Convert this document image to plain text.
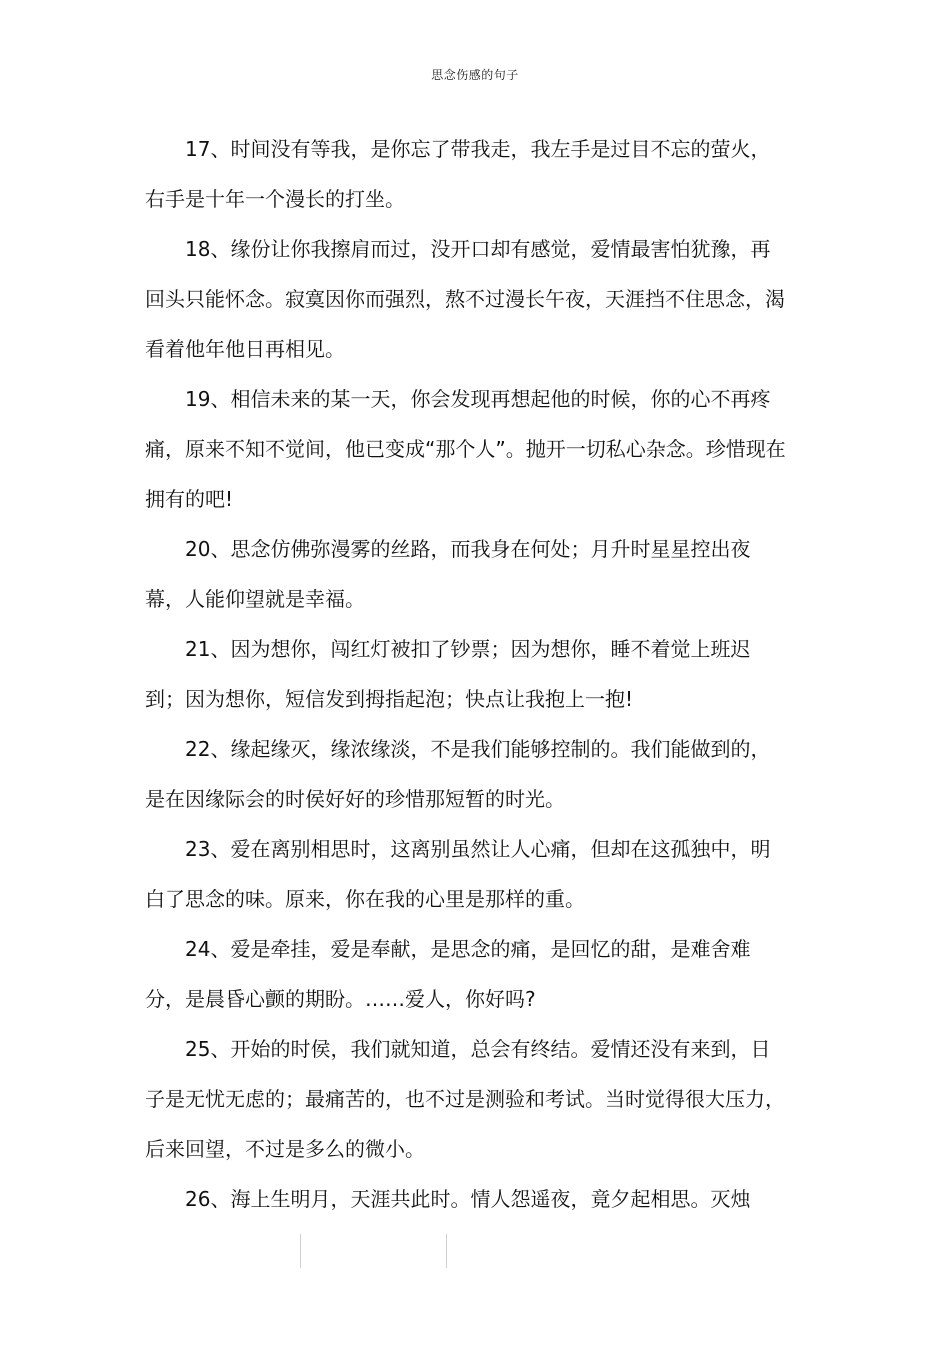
思念伤感的句子

17、时间没有等我，是你忘了带我走，我左手是过目不忘的萤火，右手是十年一个漫长的打坐。

18、缘份让你我擦肩而过，没开口却有感觉，爱情最害怕犹豫，再回头只能怀念。寂寞因你而强烈，熬不过漫长午夜，天涯挡不住思念，渴看着他年他日再相见。

19、相信未来的某一天，你会发现再想起他的时候，你的心不再疼痛，原来不知不觉间，他已变成“那个人”。抛开一切私心杂念。珍惜现在拥有的吧!

20、思念仿佛弥漫雾的丝路，而我身在何处；月升时星星控出夜幕，人能仰望就是幸福。

21、因为想你，闯红灯被扣了钞票；因为想你，睡不着觉上班迟到；因为想你，短信发到拇指起泡；快点让我抱上一抱!

22、缘起缘灭，缘浓缘淡，不是我们能够控制的。我们能做到的，是在因缘际会的时侯好好的珍惜那短暂的时光。

23、爱在离别相思时，这离别虽然让人心痛，但却在这孤独中，明白了思念的味。原来，你在我的心里是那样的重。

24、爱是牵挂，爱是奉献，是思念的痛，是回忆的甜，是难舍难分，是晨昏心颤的期盼。……爱人，你好吗?

25、开始的时侯，我们就知道，总会有终结。爱情还没有来到，日子是无忧无虑的；最痛苦的，也不过是测验和考试。当时觉得很大压力，后来回望，不过是多么的微小。

26、海上生明月，天涯共此时。情人怨遥夜，竟夕起相思。灭烛
